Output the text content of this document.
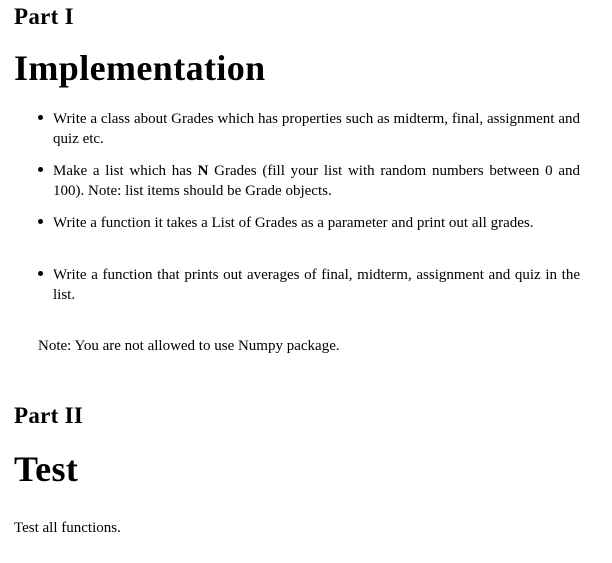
Part I
Implementation
Write a class about Grades which has properties such as midterm, final, assignment and quiz etc.
Make a list which has N Grades (fill your list with random numbers between 0 and 100). Note: list items should be Grade objects.
Write a function it takes a List of Grades as a parameter and print out all grades.
Write a function that prints out averages of final, midterm, assignment and quiz in the list.
Note: You are not allowed to use Numpy package.
Part II
Test
Test all functions.
